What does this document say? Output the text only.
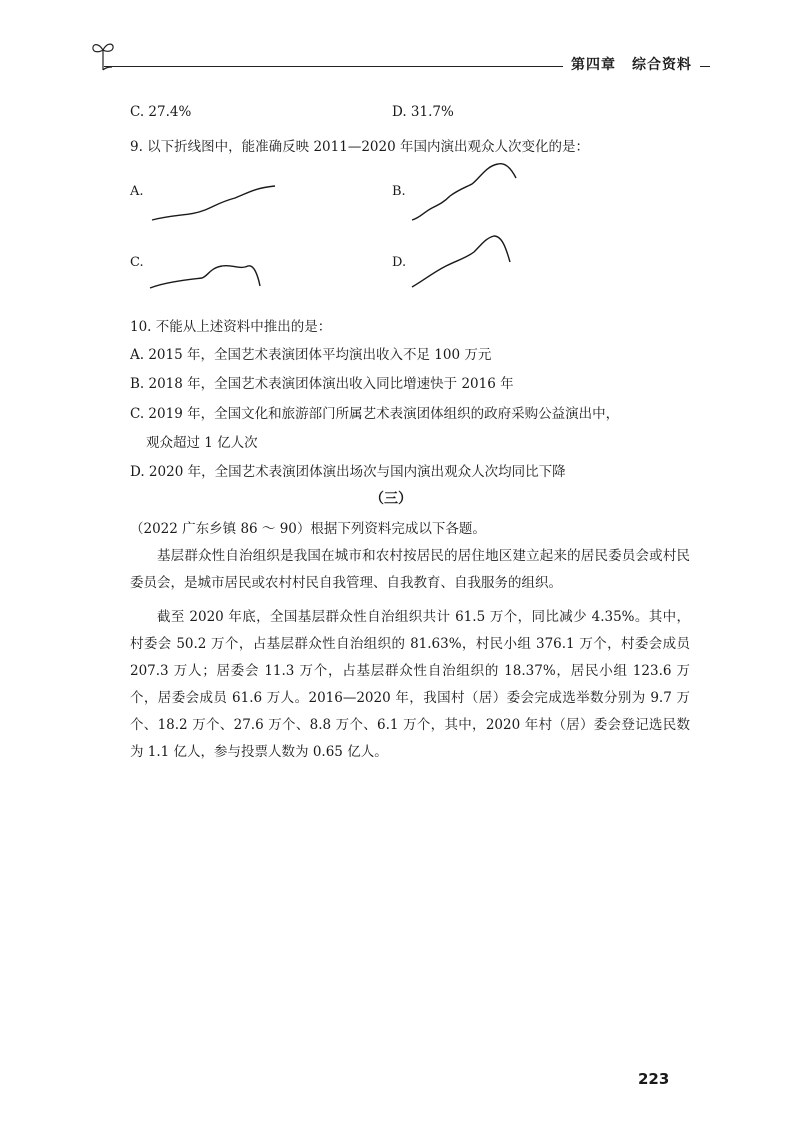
第四章 综合资料
C. 27.4%	D. 31.7%
9. 以下折线图中，能准确反映 2011—2020 年国内演出观众人次变化的是：
A.	B.
C.	D.
10. 不能从上述资料中推出的是：
A. 2015 年，全国艺术表演团体平均演出收入不足 100 万元
B. 2018 年，全国艺术表演团体演出收入同比增速快于 2016 年
C. 2019 年，全国文化和旅游部门所属艺术表演团体组织的政府采购公益演出中，
观众超过 1 亿人次
D. 2020 年，全国艺术表演团体演出场次与国内演出观众人次均同比下降
（三）
（2022 广东乡镇 86 ～ 90）根据下列资料完成以下各题。
基层群众性自治组织是我国在城市和农村按居民的居住地区建立起来的居民委员会或村民委员会，是城市居民或农村村民自我管理、自我教育、自我服务的组织。
截至 2020 年底，全国基层群众性自治组织共计 61.5 万个，同比减少 4.35%。其中，村委会 50.2 万个，占基层群众性自治组织的 81.63%，村民小组 376.1 万个，村委会成员 207.3 万人；居委会 11.3 万个，占基层群众性自治组织的 18.37%，居民小组 123.6 万个，居委会成员 61.6 万人。2016—2020 年，我国村（居）委会完成选举数分别为 9.7 万个、18.2 万个、27.6 万个、8.8 万个、6.1 万个，其中，2020 年村（居）委会登记选民数为 1.1 亿人，参与投票人数为 0.65 亿人。
223
